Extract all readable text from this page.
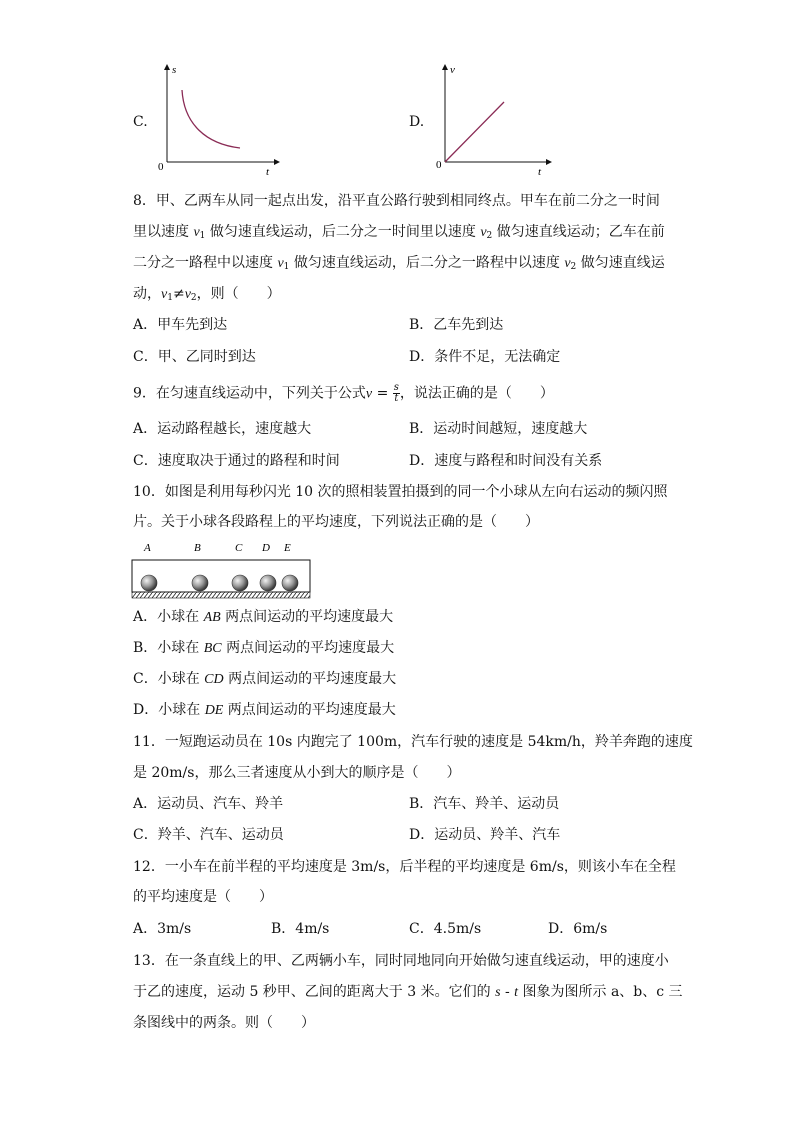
C.
s
t
0
D.
v
t
0
8．甲、乙两车从同一起点出发，沿平直公路行驶到相同终点。甲车在前二分之一时间
里以速度 $v_1$ 做匀速直线运动，后二分之一时间里以速度 $v_2$ 做匀速直线运动；乙车在前
二分之一路程中以速度 $v_1$ 做匀速直线运动，后二分之一路程中以速度 $v_2$ 做匀速直线运
动，$v_1\ne v_2$，则（　　）
A．甲车先到达	B．乙车先到达
C．甲、乙同时到达	D．条件不足，无法确定
9．在匀速直线运动中，下列关于公式$v = \frac{s}{t}$ ，说法正确的是（　　）
A．运动路程越长，速度越大	B．运动时间越短，速度越大
C．速度取决于通过的路程和时间	D．速度与路程和时间没有关系
10．如图是利用每秒闪光 10 次的照相装置拍摄到的同一个小球从左向右运动的频闪照
片。关于小球各段路程上的平均速度，下列说法正确的是（　　）
A	B	C D E
A．小球在 AB 两点间运动的平均速度最大
B．小球在 BC 两点间运动的平均速度最大
C．小球在 CD 两点间运动的平均速度最大
D．小球在 DE 两点间运动的平均速度最大
11．一短跑运动员在 10s 内跑完了 100m，汽车行驶的速度是 54km/h，羚羊奔跑的速度
是 20m/s，那么三者速度从小到大的顺序是（　　）
A．运动员、汽车、羚羊	B．汽车、羚羊、运动员
C．羚羊、汽车、运动员	D．运动员、羚羊、汽车
12．一小车在前半程的平均速度是 3m/s，后半程的平均速度是 6m/s，则该小车在全程
的平均速度是（　　）
A．3m/s	B．4m/s	C．4.5m/s	D．6m/s
13．在一条直线上的甲、乙两辆小车，同时同地同向开始做匀速直线运动，甲的速度小
于乙的速度，运动 5 秒甲、乙间的距离大于 3 米。它们的 s - t 图象为图所示 a、b、c 三
条图线中的两条。则（　　）
